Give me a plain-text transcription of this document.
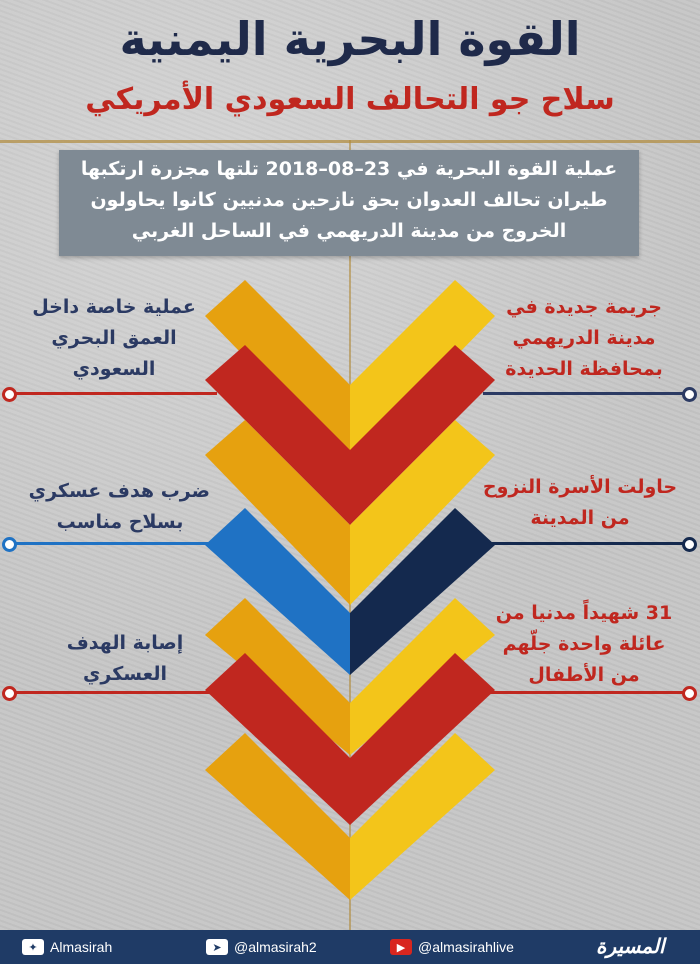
القوة البحرية اليمنية
سلاح جو التحالف السعودي الأمريكي
عملية القوة البحرية في 23–08–2018 تلتها مجزرة ارتكبها
طيران تحالف العدوان بحق نازحين مدنيين كانوا يحاولون
الخروج من مدينة الدريهمي في الساحل الغربي
عملية خاصة داخل
العمق البحري
السعودي
ضرب هدف عسكري
بسلاح مناسب
إصابة الهدف
العسكري
جريمة جديدة في
مدينة الدريهمي
بمحافظة الحديدة
حاولت الأسرة النزوح
من المدينة
31 شهيداً مدنيا من
عائلة واحدة جلّهم
من الأطفال
✦ Almasirah	➤ @almasirah2	▶ @almasirahlive	المسيرة
